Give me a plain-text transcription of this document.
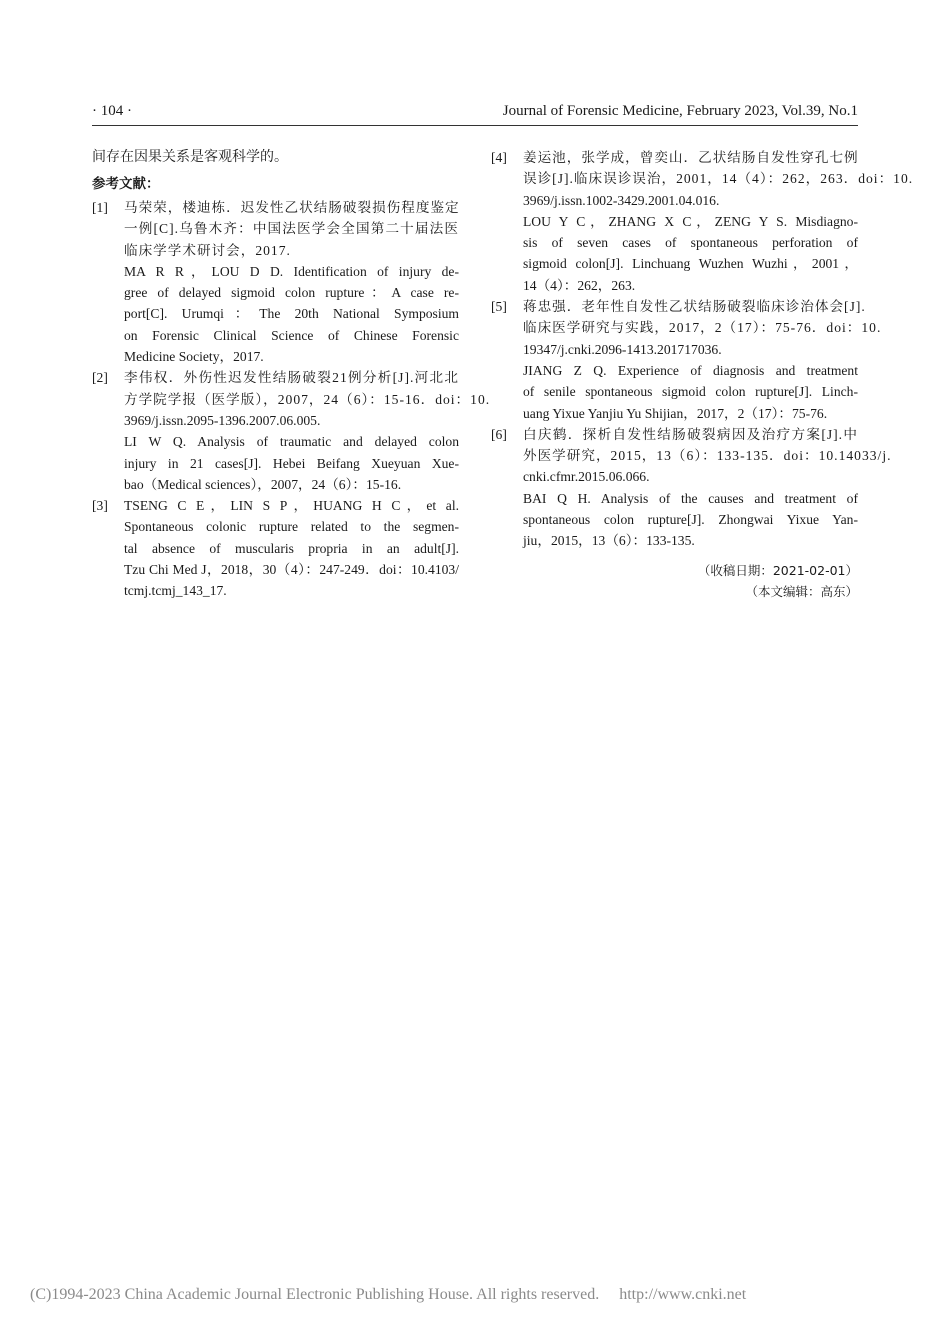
· 104 ·	Journal of Forensic Medicine, February 2023, Vol.39, No.1

间存在因果关系是客观科学的。

参考文献：
[1] 马荣荣，楼迪栋．迟发性乙状结肠破裂损伤程度鉴定
一例[C].乌鲁木齐：中国法医学会全国第二十届法医
临床学学术研讨会，2017.
MA R R，LOU D D. Identification of injury de-
gree of delayed sigmoid colon rupture：A case re-
port[C]. Urumqi：The 20th National Symposium
on Forensic Clinical Science of Chinese Forensic
Medicine Society，2017.
[2] 李伟权．外伤性迟发性结肠破裂21例分析[J].河北北
方学院学报（医学版），2007，24（6）：15-16．doi：10.
3969/j.issn.2095-1396.2007.06.005.
LI W Q. Analysis of traumatic and delayed colon
injury in 21 cases[J]. Hebei Beifang Xueyuan Xue-
bao（Medical sciences），2007，24（6）：15-16.
[3] TSENG C E，LIN S P，HUANG H C，et al.
Spontaneous colonic rupture related to the segmen-
tal absence of muscularis propria in an adult[J].
Tzu Chi Med J，2018，30（4）：247-249．doi：10.4103/
tcmj.tcmj_143_17.
[4] 姜运池，张学成，曾奕山．乙状结肠自发性穿孔七例
误诊[J].临床误诊误治，2001，14（4）：262，263．doi：10.
3969/j.issn.1002-3429.2001.04.016.
LOU Y C，ZHANG X C，ZENG Y S. Misdiagno-
sis of seven cases of spontaneous perforation of
sigmoid colon[J]. Linchuang Wuzhen Wuzhi，2001，
14（4）：262，263.
[5] 蒋忠强．老年性自发性乙状结肠破裂临床诊治体会[J].
临床医学研究与实践，2017，2（17）：75-76．doi：10.
19347/j.cnki.2096-1413.201717036.
JIANG Z Q. Experience of diagnosis and treatment
of senile spontaneous sigmoid colon rupture[J]. Linch-
uang Yixue Yanjiu Yu Shijian，2017，2（17）：75-76.
[6] 白庆鹤．探析自发性结肠破裂病因及治疗方案[J].中
外医学研究，2015，13（6）：133-135．doi：10.14033/j.
cnki.cfmr.2015.06.066.
BAI Q H. Analysis of the causes and treatment of
spontaneous colon rupture[J]. Zhongwai Yixue Yan-
jiu，2015，13（6）：133-135.
（收稿日期：2021-02-01）
（本文编辑：高东）
(C)1994-2023 China Academic Journal Electronic Publishing House. All rights reserved. http://www.cnki.net
